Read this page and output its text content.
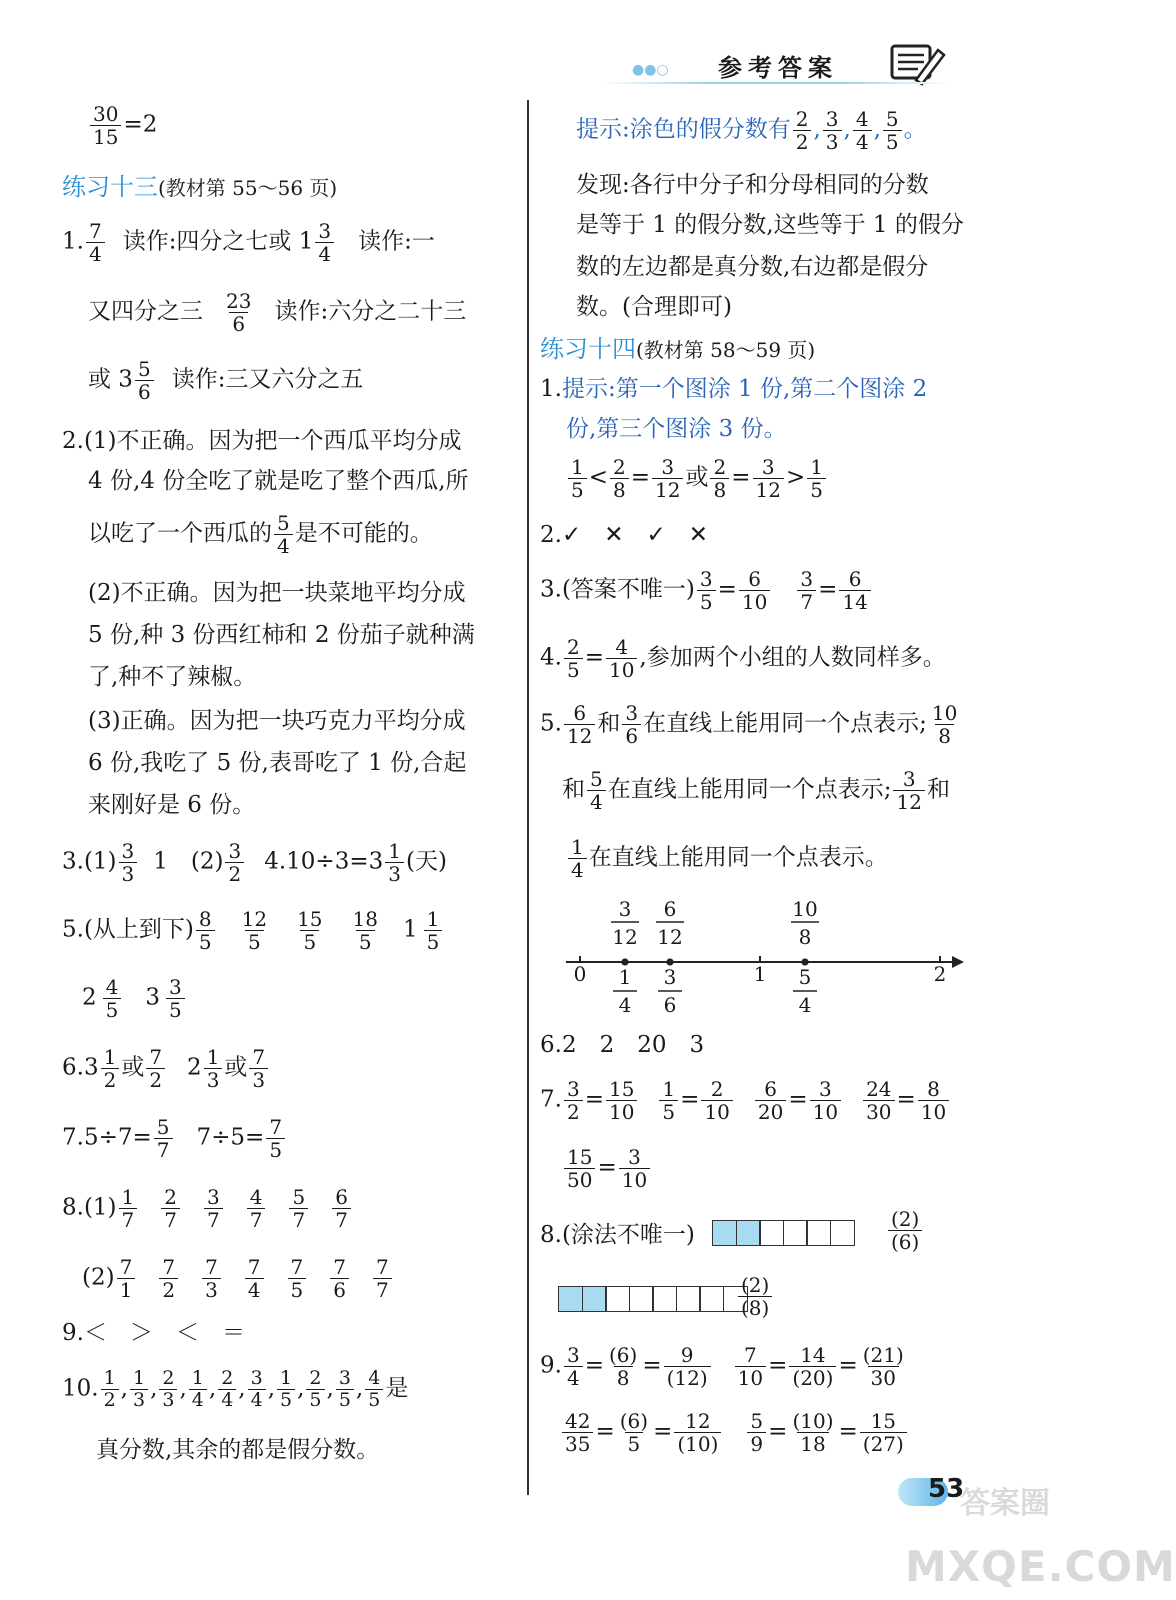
●●○ 参考答案
53
答案圈
MXQE.COM
$\frac{30}{15} =2$
练习十三(教材第 55～56 页)
1. $\frac{7}{4}$ 读作:四分之七或 $1 \frac{3}{4}$ 读作:一
又四分之三 $\frac{23}{6}$ 读作:六分之二十三
或 $3 \frac{5}{6}$ 读作:三又六分之五
2.(1)不正确。因为把一个西瓜平均分成
4 份,4 份全吃了就是吃了整个西瓜,所
以吃了一个西瓜的 $\frac{5}{4}$ 是不可能的。
(2)不正确。因为把一块菜地平均分成
5 份,种 3 份西红柿和 2 份茄子就种满
了,种不了辣椒。
(3)正确。因为把一块巧克力平均分成
6 份,我吃了 5 份,表哥吃了 1 份,合起
来刚好是 6 份。
$3.(1) \frac{3}{3} 1$　$(2) \frac{3}{2} 4.10\div 3=3 \frac{1}{3}$ (天)
5.(从上到下) $\frac{8}{5} \frac{12}{5} \frac{15}{5} \frac{18}{5} 1 \frac{1}{5}$
$2 \frac{4}{5} 3 \frac{3}{5}$
$6.3 \frac{1}{2}$ 或 $\frac{7}{2} 2 \frac{1}{3}$ 或 $\frac{7}{3}$
$7.5\div 7= \frac{5}{7} 7\div 5= \frac{7}{5}$
$8.(1) \frac{1}{7} \frac{2}{7} \frac{3}{7} \frac{4}{7} \frac{5}{7} \frac{6}{7}$
$(2) \frac{7}{1} \frac{7}{2} \frac{7}{3} \frac{7}{4} \frac{7}{5} \frac{7}{6} \frac{7}{7}$
9.＜　＞　＜　＝
10. $\frac{1}{2}$ , $\frac{1}{3}$ , $\frac{2}{3}$ , $\frac{1}{4}$ , $\frac{2}{4}$ , $\frac{3}{4}$ , $\frac{1}{5}$ , $\frac{2}{5}$ , $\frac{3}{5}$ , $\frac{4}{5}$ 是
真分数,其余的都是假分数。
提示:涂色的假分数有 $\frac{2}{2}$ , $\frac{3}{3}$ , $\frac{4}{4}$ , $\frac{5}{5}$ 。
发现:各行中分子和分母相同的分数
是等于 1 的假分数,这些等于 1 的假分
数的左边都是真分数,右边都是假分
数。(合理即可)
练习十四(教材第 58～59 页)
1.提示:第一个图涂 1 份,第二个图涂 2
份,第三个图涂 3 份。
$\frac{1}{5} < \frac{2}{8} = \frac{3}{12}$ 或 $\frac{2}{8} = \frac{3}{12} > \frac{1}{5}$
2.✓　✕　✓　✕
3.(答案不唯一) $\frac{3}{5} = \frac{6}{10}$
　 $\frac{3}{7} = \frac{6}{14}$
4. $\frac{2}{5} = \frac{4}{10}$ ,参加两个小组的人数同样多。
5. $\frac{6}{12}$ 和 $\frac{3}{6}$ 在直线上能用同一个点表示; $\frac{10}{8}$
和 $\frac{5}{4}$ 在直线上能用同一个点表示; $\frac{3}{12}$ 和
$\frac{1}{4}$ 在直线上能用同一个点表示。
0	1	2
3
12
6
12
10
8
1
4
3
6
5
4
6.2　2　20　3
7. $\frac{3}{2} = \frac{15}{10} \frac{1}{5} = \frac{2}{10} \frac{6}{20} = \frac{3}{10} \frac{24}{30} = \frac{8}{10}$
$\frac{15}{50} = \frac{3}{10}$
8.(涂法不唯一)	$\frac{(2)}{(6)}$
$\frac{(2)}{(8)}$
9. $\frac{3}{4} = \frac{(6)}{8} = \frac{9}{(12)} \frac{7}{10} = \frac{14}{(20)} = \frac{(21)}{30}$
$\frac{42}{35} = \frac{(6)}{5} = \frac{12}{(10)} \frac{5}{9} = \frac{(10)}{18} = \frac{15}{(27)}$
